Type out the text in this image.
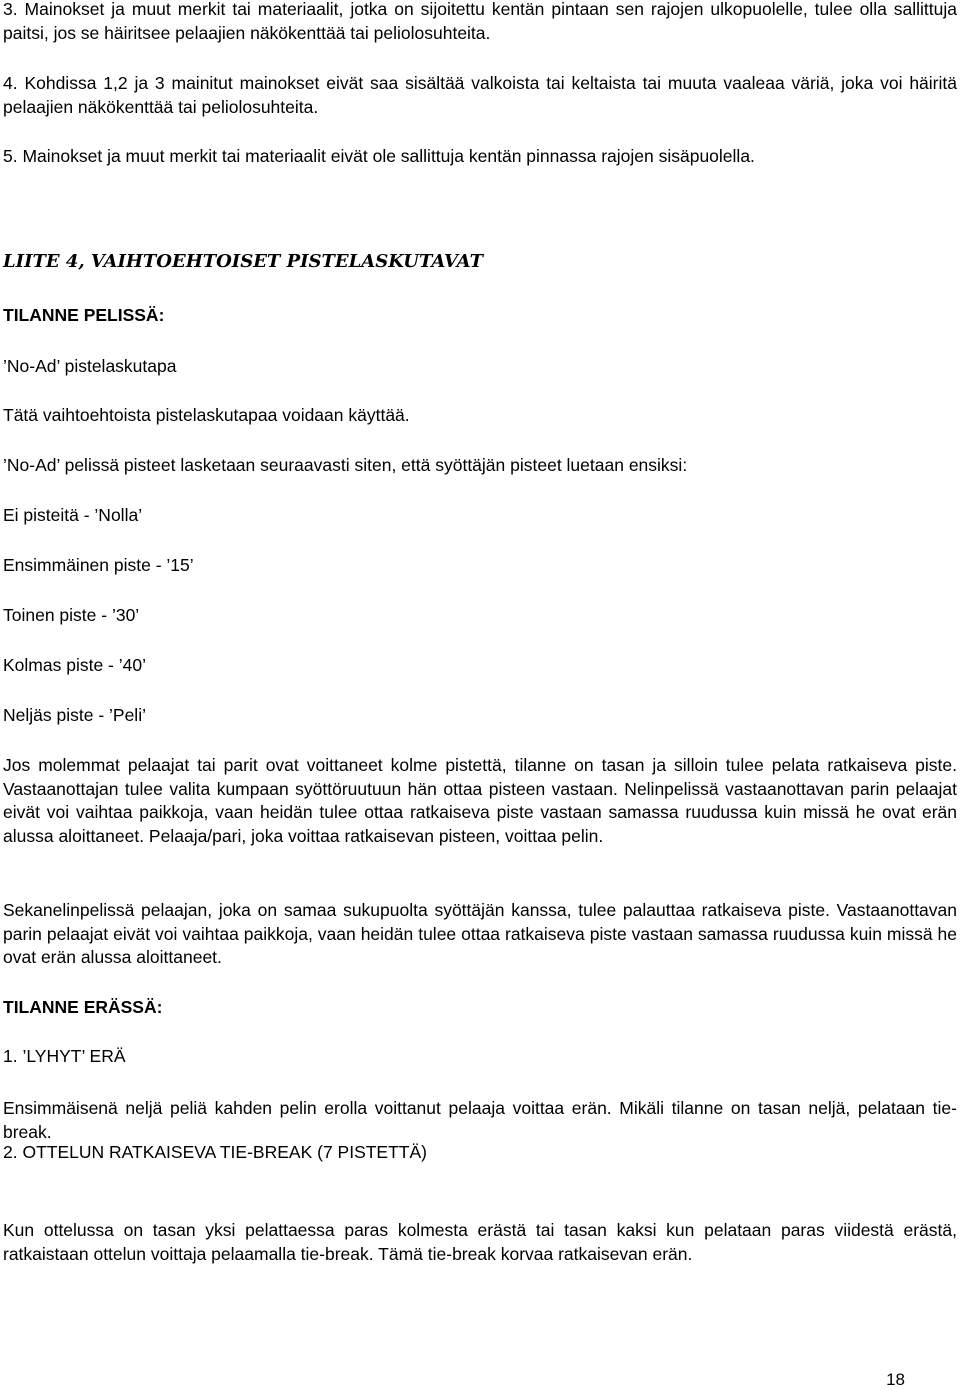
3. Mainokset ja muut merkit tai materiaalit, jotka on sijoitettu kentän pintaan sen rajojen ulkopuolelle, tulee olla sallittuja paitsi, jos se häiritsee pelaajien näkökenttää tai peliolosuhteita.

4. Kohdissa 1,2 ja 3 mainitut mainokset eivät saa sisältää valkoista tai keltaista tai muuta vaaleaa väriä, joka voi häiritä pelaajien näkökenttää tai peliolosuhteita.

5. Mainokset ja muut merkit tai materiaalit eivät ole sallittuja kentän pinnassa rajojen sisäpuolella.

LIITE 4, VAIHTOEHTOISET PISTELASKUTAVAT

TILANNE PELISSÄ:

’No-Ad’ pistelaskutapa

Tätä vaihtoehtoista pistelaskutapaa voidaan käyttää.

’No-Ad’ pelissä pisteet lasketaan seuraavasti siten, että syöttäjän pisteet luetaan ensiksi:

Ei pisteitä - ’Nolla’

Ensimmäinen piste - ’15’

Toinen piste - ’30’

Kolmas piste - ’40’

Neljäs piste - ’Peli’

Jos molemmat pelaajat tai parit ovat voittaneet kolme pistettä, tilanne on tasan ja silloin tulee pelata ratkaiseva piste. Vastaanottajan tulee valita kumpaan syöttöruutuun hän ottaa pisteen vastaan. Nelinpelissä vastaanottavan parin pelaajat eivät voi vaihtaa paikkoja, vaan heidän tulee ottaa ratkaiseva piste vastaan samassa ruudussa kuin missä he ovat erän alussa aloittaneet. Pelaaja/pari, joka voittaa ratkaisevan pisteen, voittaa pelin.

Sekanelinpelissä pelaajan, joka on samaa sukupuolta syöttäjän kanssa, tulee palauttaa ratkaiseva piste. Vastaanottavan parin pelaajat eivät voi vaihtaa paikkoja, vaan heidän tulee ottaa ratkaiseva piste vastaan samassa ruudussa kuin missä he ovat erän alussa aloittaneet.

TILANNE ERÄSSÄ:

1. ’LYHYT’ ERÄ

Ensimmäisenä neljä peliä kahden pelin erolla voittanut pelaaja voittaa erän. Mikäli tilanne on tasan neljä, pelataan tie-break.

2. OTTELUN RATKAISEVA TIE-BREAK (7 PISTETTÄ)

Kun ottelussa on tasan yksi pelattaessa paras kolmesta erästä tai tasan kaksi kun pelataan paras viidestä erästä, ratkaistaan ottelun voittaja pelaamalla tie-break. Tämä tie-break korvaa ratkaisevan erän.

18
